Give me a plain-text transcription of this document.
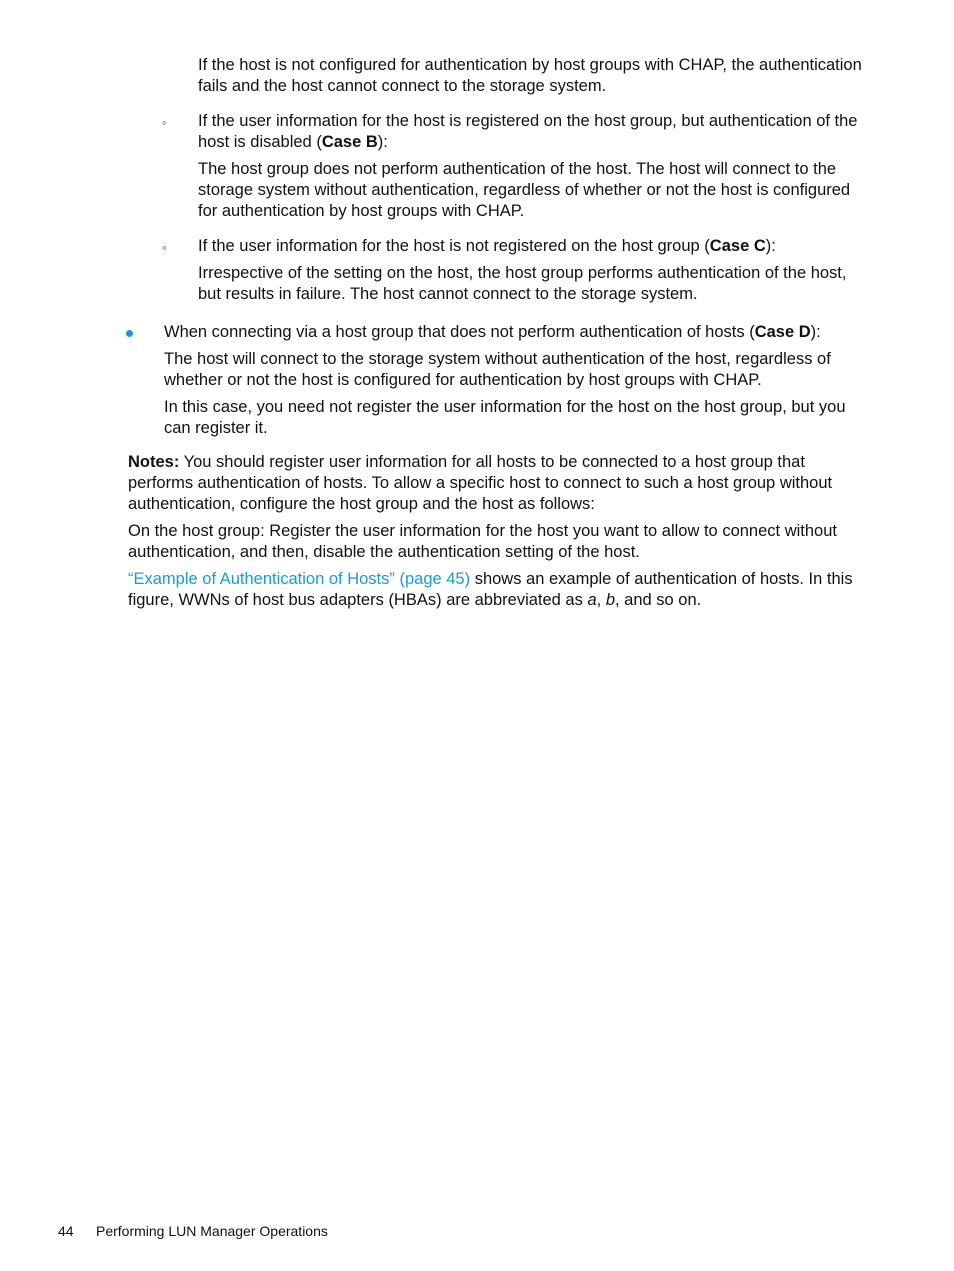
If the host is not configured for authentication by host groups with CHAP, the authentication fails and the host cannot connect to the storage system.

◦ If the user information for the host is registered on the host group, but authentication of the host is disabled (Case B):

The host group does not perform authentication of the host. The host will connect to the storage system without authentication, regardless of whether or not the host is configured for authentication by host groups with CHAP.

◦ If the user information for the host is not registered on the host group (Case C):

Irrespective of the setting on the host, the host group performs authentication of the host, but results in failure. The host cannot connect to the storage system.

When connecting via a host group that does not perform authentication of hosts (Case D):

The host will connect to the storage system without authentication of the host, regardless of whether or not the host is configured for authentication by host groups with CHAP.

In this case, you need not register the user information for the host on the host group, but you can register it.

Notes: You should register user information for all hosts to be connected to a host group that performs authentication of hosts. To allow a specific host to connect to such a host group without authentication, configure the host group and the host as follows:

On the host group: Register the user information for the host you want to allow to connect without authentication, and then, disable the authentication setting of the host.

“Example of Authentication of Hosts” (page 45) shows an example of authentication of hosts. In this figure, WWNs of host bus adapters (HBAs) are abbreviated as a, b, and so on.

44 Performing LUN Manager Operations
